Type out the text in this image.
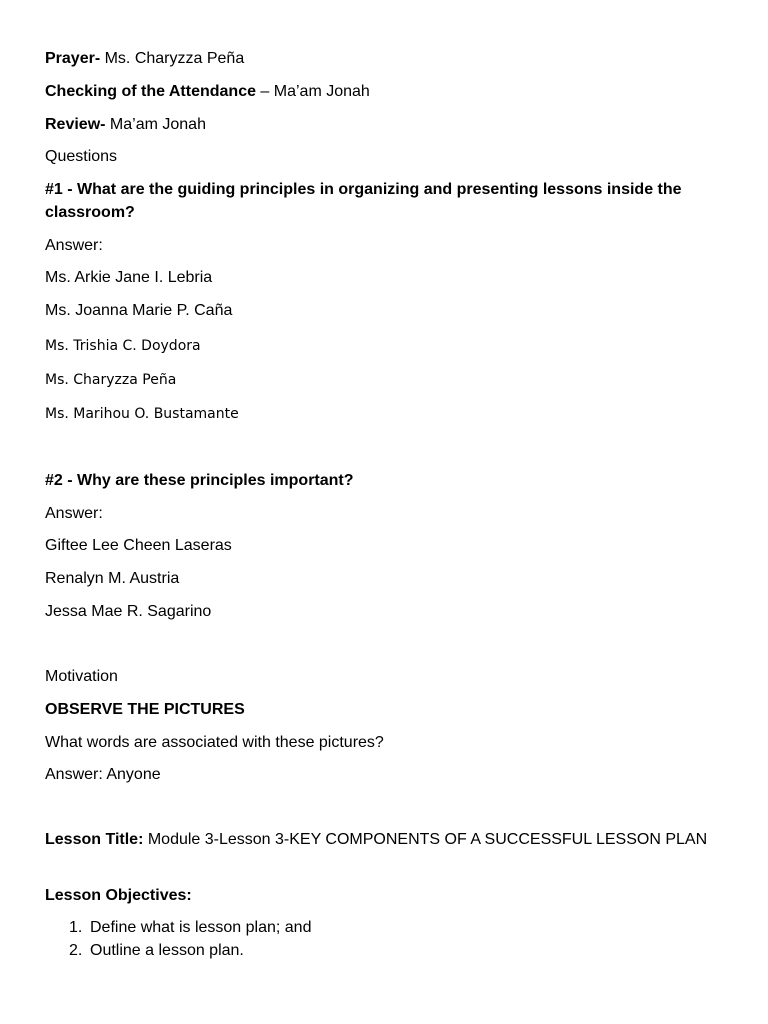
Prayer- Ms. Charyzza Peña
Checking of the Attendance – Ma’am Jonah
Review- Ma’am Jonah
Questions
#1 - What are the guiding principles in organizing and presenting lessons inside the classroom?
Answer:
Ms. Arkie Jane I. Lebria
Ms. Joanna Marie P. Caña
Ms. Trishia C. Doydora
Ms. Charyzza Peña
Ms. Marihou O. Bustamante
#2 - Why are these principles important?
Answer:
Giftee Lee Cheen Laseras
Renalyn M. Austria
Jessa Mae R. Sagarino
Motivation
OBSERVE THE PICTURES
What words are associated with these pictures?
Answer: Anyone
Lesson Title: Module 3-Lesson 3-KEY COMPONENTS OF A SUCCESSFUL LESSON PLAN
Lesson Objectives:
1. Define what is lesson plan; and
2. Outline a lesson plan.
